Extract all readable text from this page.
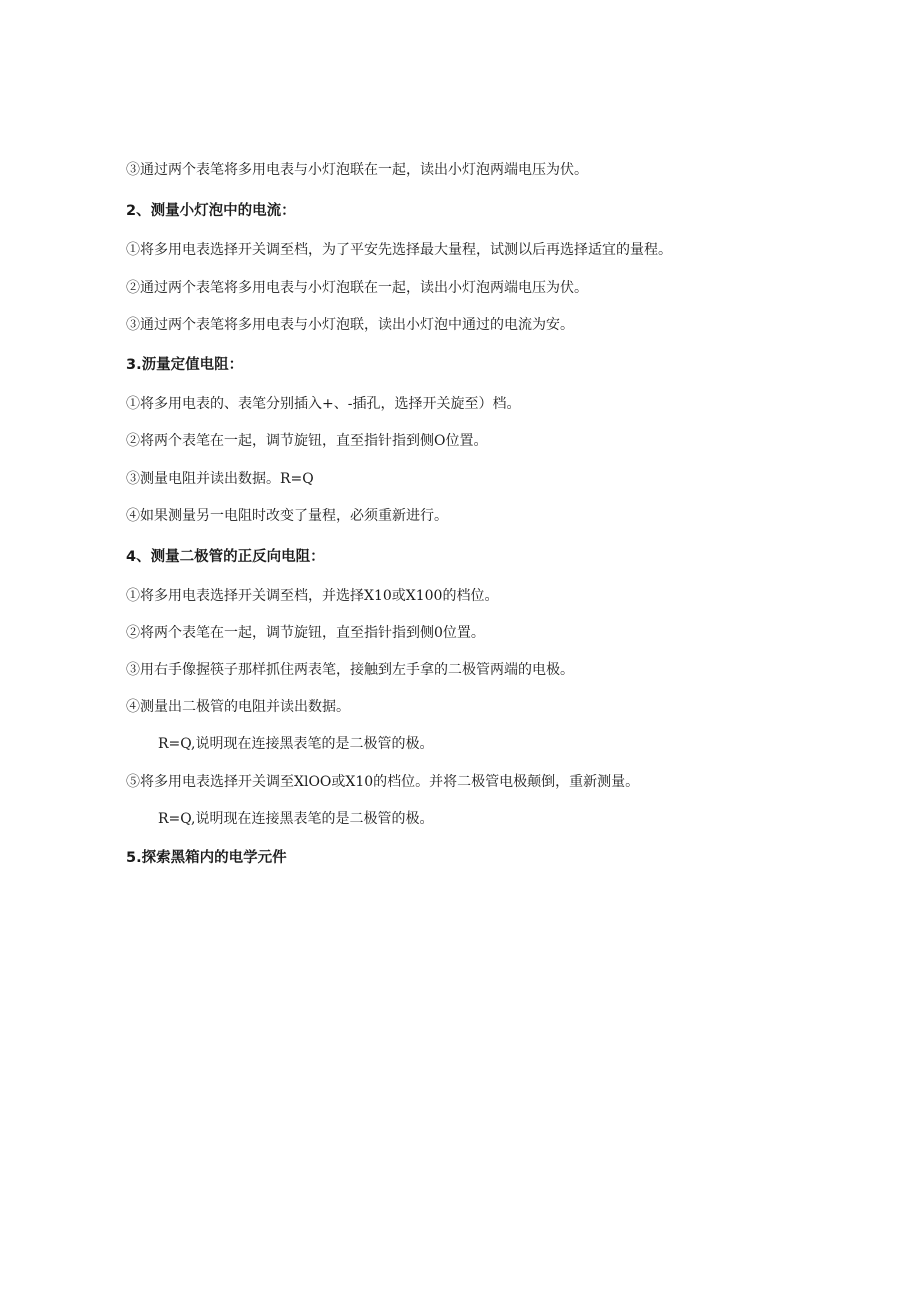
③通过两个表笔将多用电表与小灯泡联在一起，读出小灯泡两端电压为伏。
2、测量小灯泡中的电流：
①将多用电表选择开关调至档，为了平安先选择最大量程，试测以后再选择适宜的量程。
②通过两个表笔将多用电表与小灯泡联在一起，读出小灯泡两端电压为伏。
③通过两个表笔将多用电表与小灯泡联，读出小灯泡中通过的电流为安。
3.沥量定值电阻：
①将多用电表的、表笔分别插入+、-插孔，选择开关旋至）档。
②将两个表笔在一起，调节旋钮，直至指针指到侧O位置。
③测量电阻并读出数据。R=Q
④如果测量另一电阻时改变了量程，必须重新进行。
4、测量二极管的正反向电阻：
①将多用电表选择开关调至档，并选择X10或X100的档位。
②将两个表笔在一起，调节旋钮，直至指针指到侧0位置。
③用右手像握筷子那样抓住两表笔，接触到左手拿的二极管两端的电极。
④测量出二极管的电阻并读出数据。
R=Q,说明现在连接黑表笔的是二极管的极。
⑤将多用电表选择开关调至XlOO或X10的档位。并将二极管电极颠倒，重新测量。
R=Q,说明现在连接黑表笔的是二极管的极。
5.探索黑箱内的电学元件
